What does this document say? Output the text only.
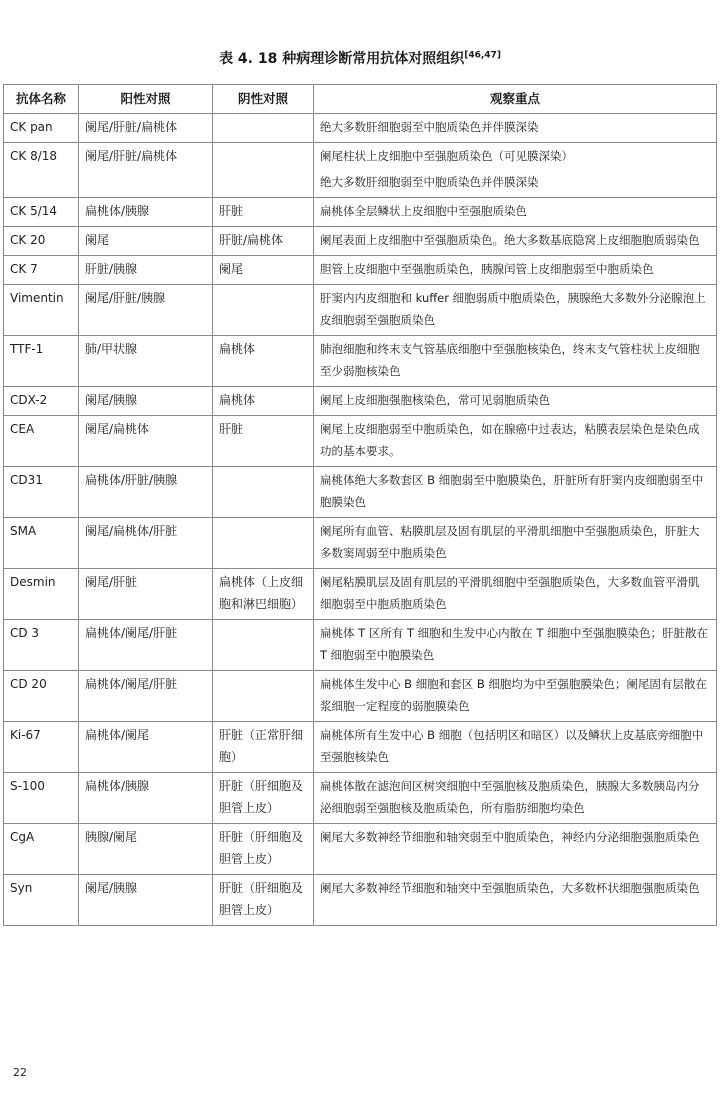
表 4. 18 种病理诊断常用抗体对照组织[46,47]
抗体名称	阳性对照	阴性对照	观察重点
CK pan	阑尾/肝脏/扁桃体		绝大多数肝细胞弱至中胞质染色并伴膜深染

CK 8/18	阑尾/肝脏/扁桃体		阑尾柱状上皮细胞中至强胞质染色（可见膜深染）
绝大多数肝细胞弱至中胞质染色并伴膜深染

CK 5/14	扁桃体/胰腺	肝脏	扁桃体全层鳞状上皮细胞中至强胞质染色

CK 20	阑尾	肝脏/扁桃体	阑尾表面上皮细胞中至强胞质染色。绝大多数基底隐窝上皮细胞胞质弱染色

CK 7	肝脏/胰腺	阑尾	胆管上皮细胞中至强胞质染色，胰腺闰管上皮细胞弱至中胞质染色

Vimentin	阑尾/肝脏/胰腺		肝窦内内皮细胞和 kuffer 细胞弱质中胞质染色，胰腺绝大多数外分泌腺泡上皮细胞弱至强胞质染色

TTF-1	肺/甲状腺	扁桃体	肺泡细胞和终末支气管基底细胞中至强胞核染色，终末支气管柱状上皮细胞至少弱胞核染色

CDX-2	阑尾/胰腺	扁桃体	阑尾上皮细胞强胞核染色，常可见弱胞质染色

CEA	阑尾/扁桃体	肝脏	阑尾上皮细胞弱至中胞质染色，如在腺癌中过表达，粘膜表层染色是染色成功的基本要求。

CD31	扁桃体/肝脏/胰腺		扁桃体绝大多数套区 B 细胞弱至中胞膜染色，肝脏所有肝窦内皮细胞弱至中胞膜染色

SMA	阑尾/扁桃体/肝脏		阑尾所有血管、粘膜肌层及固有肌层的平滑肌细胞中至强胞质染色，肝脏大多数窦周弱至中胞质染色

Desmin	阑尾/肝脏	扁桃体（上皮细胞和淋巴细胞）	阑尾粘膜肌层及固有肌层的平滑肌细胞中至强胞质染色，大多数血管平滑肌细胞弱至中胞质胞质染色

CD 3	扁桃体/阑尾/肝脏		扁桃体 T 区所有 T 细胞和生发中心内散在 T 细胞中至强胞膜染色；肝脏散在 T 细胞弱至中胞膜染色

CD 20	扁桃体/阑尾/肝脏		扁桃体生发中心 B 细胞和套区 B 细胞均为中至强胞膜染色；阑尾固有层散在浆细胞一定程度的弱胞膜染色

Ki-67	扁桃体/阑尾	肝脏（正常肝细胞）	扁桃体所有生发中心 B 细胞（包括明区和暗区）以及鳞状上皮基底旁细胞中至强胞核染色

S-100	扁桃体/胰腺	肝脏（肝细胞及胆管上皮）	扁桃体散在滤泡间区树突细胞中至强胞核及胞质染色，胰腺大多数胰岛内分泌细胞弱至强胞核及胞质染色，所有脂肪细胞均染色

CgA	胰腺/阑尾	肝脏（肝细胞及胆管上皮）	阑尾大多数神经节细胞和轴突弱至中胞质染色，神经内分泌细胞强胞质染色

Syn	阑尾/胰腺	肝脏（肝细胞及胆管上皮）	阑尾大多数神经节细胞和轴突中至强胞质染色，大多数杯状细胞强胞质染色
22
